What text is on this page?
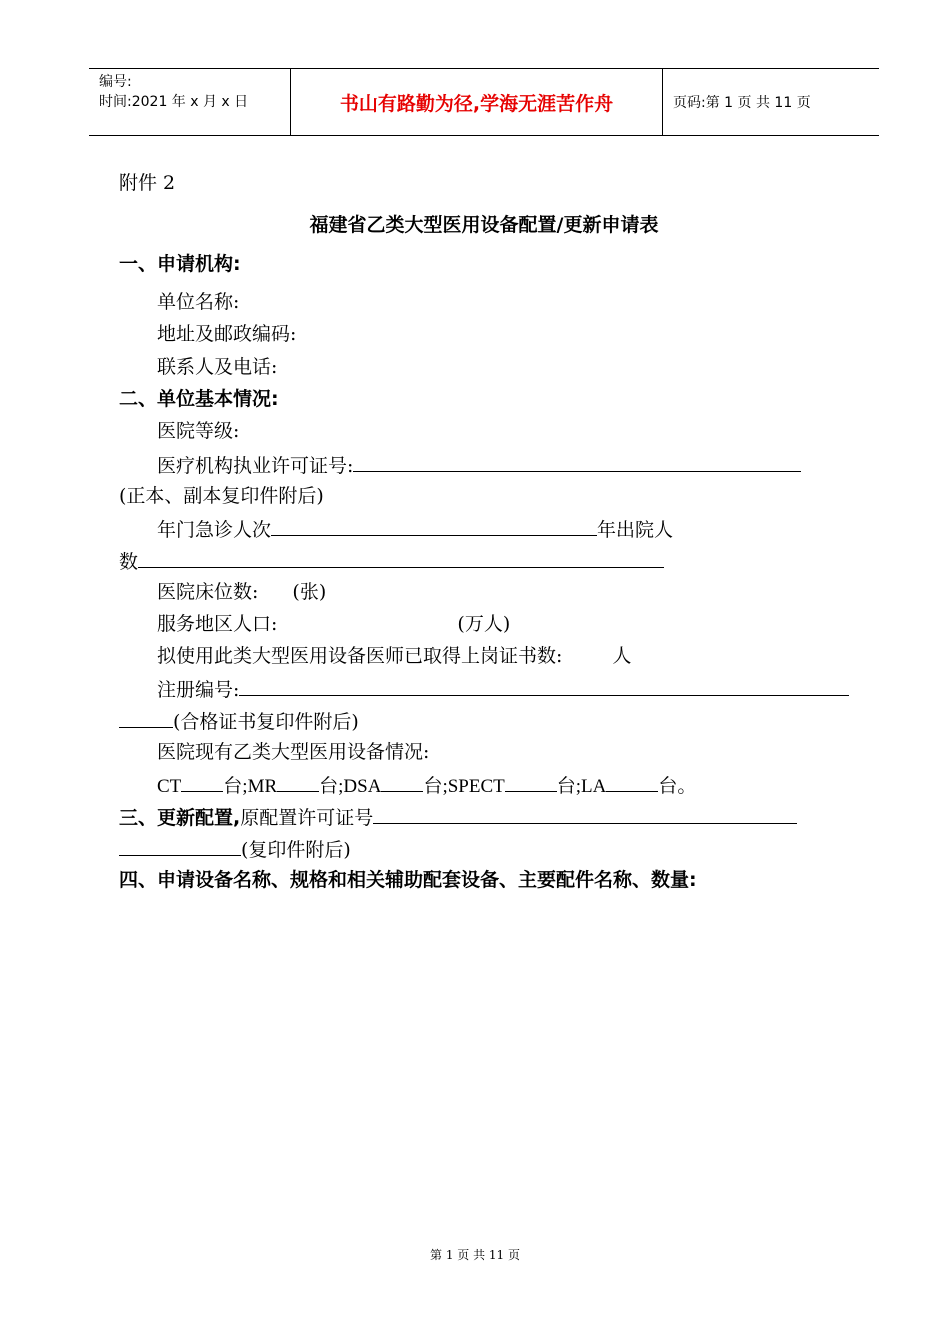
编号:
时间:2021 年 x 月 x 日	书山有路勤为径,学海无涯苦作舟	页码:第 1 页 共 11 页
附件 2
福建省乙类大型医用设备配置/更新申请表
一、申请机构:
单位名称:
地址及邮政编码:
联系人及电话:
二、单位基本情况:
医院等级:
医疗机构执业许可证号:
(正本、副本复印件附后)
年门急诊人次	年出院人
数
医院床位数: (张)
服务地区人口:	(万人)
拟使用此类大型医用设备医师已取得上岗证书数:	人
注册编号:
(合格证书复印件附后)
医院现有乙类大型医用设备情况:
CT 台;MR 台;DSA 台;SPECT	台;LA	台。
三、更新配置,原配置许可证号
(复印件附后)
四、申请设备名称、规格和相关辅助配套设备、主要配件名称、数量:
第 1 页 共 11 页
